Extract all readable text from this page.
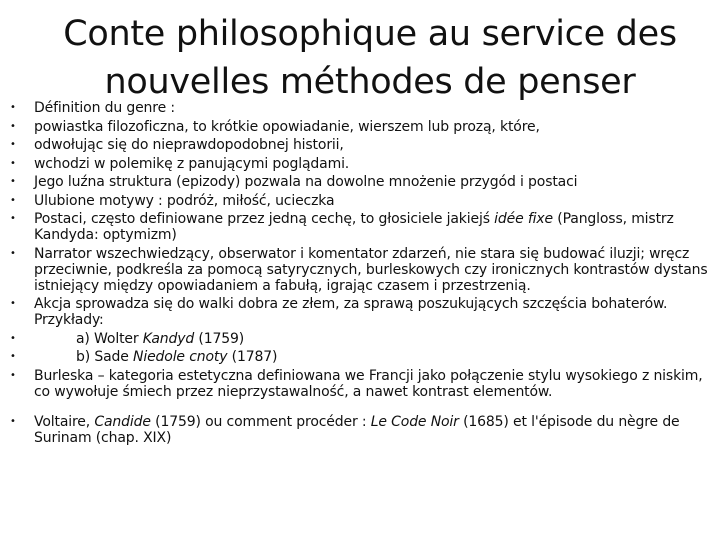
Conte philosophique au service des nouvelles méthodes de penser
• Définition du genre :
• powiastka filozoficzna, to krótkie opowiadanie, wierszem lub prozą, które,
• odwołując się do nieprawdopodobnej historii,
• wchodzi w polemikę z panującymi poglądami.
• Jego luźna struktura (epizody) pozwala na dowolne mnożenie przygód i postaci
• Ulubione motywy : podróż, miłość, ucieczka
• Postaci, często definiowane przez jedną cechę, to głosiciele jakiejś idée fixe (Pangloss, mistrz Kandyda: optymizm)
• Narrator wszechwiedzący, obserwator i komentator zdarzeń, nie stara się budować iluzji; wręcz przeciwnie, podkreśla za pomocą satyrycznych, burleskowych czy ironicznych kontrastów dystans istniejący między opowiadaniem a fabułą, igrając czasem i przestrzenią.
• Akcja sprowadza się do walki dobra ze złem, za sprawą poszukujących szczęścia bohaterów. Przykłady:
•	a) Wolter Kandyd (1759)
•	b) Sade Niedole cnoty (1787)
• Burleska – kategoria estetyczna definiowana we Francji jako połączenie stylu wysokiego z niskim, co wywołuje śmiech przez nieprzystawalność, a nawet kontrast elementów.
• Voltaire, Candide (1759) ou comment procéder : Le Code Noir (1685) et l'épisode du nègre de Surinam (chap. XIX)
